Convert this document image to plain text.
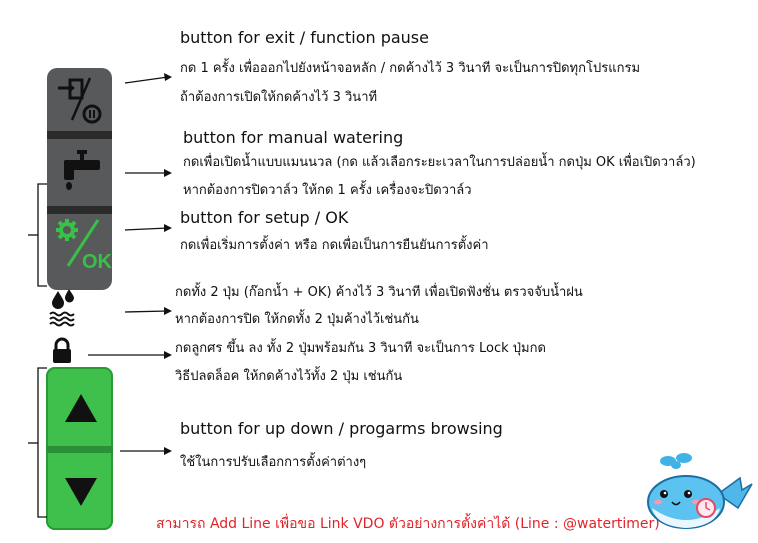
OK
button for exit / function pause
กด 1 ครั้ง เพื่อออกไปยังหน้าจอหลัก / กดค้างไว้ 3 วินาที จะเป็นการปิดทุกโปรแกรม
ถ้าต้องการเปิดให้กดค้างไว้ 3 วินาที
button for manual watering
กดเพื่อเปิดน้ำแบบแมนนวล (กด แล้วเลือกระยะเวลาในการปล่อยน้ำ กดปุ่ม OK เพื่อเปิดวาล์ว)
หากต้องการปิดวาล์ว ให้กด 1 ครั้ง เครื่องจะปิดวาล์ว
button for setup / OK
กดเพื่อเริ่มการตั้งค่า หรือ กดเพื่อเป็นการยืนยันการตั้งค่า
กดทั้ง 2 ปุ่ม (ก๊อกน้ำ + OK) ค้างไว้ 3 วินาที เพื่อเปิดฟังชั่น ตรวจจับน้ำฝน
หากต้องการปิด ให้กดทั้ง 2 ปุ่มค้างไว้เช่นกัน
กดลูกศร ขึ้น ลง ทั้ง 2 ปุ่มพร้อมกัน 3 วินาที จะเป็นการ Lock ปุ่มกด
วิธีปลดล็อค ให้กดค้างไว้ทั้ง 2 ปุ่ม เช่นกัน
button for up down / progarms browsing
ใช้ในการปรับเลือกการตั้งค่าต่างๆ
สามารถ Add Line เพื่อขอ Link VDO ตัวอย่างการตั้งค่าได้ (Line : @watertimer)
